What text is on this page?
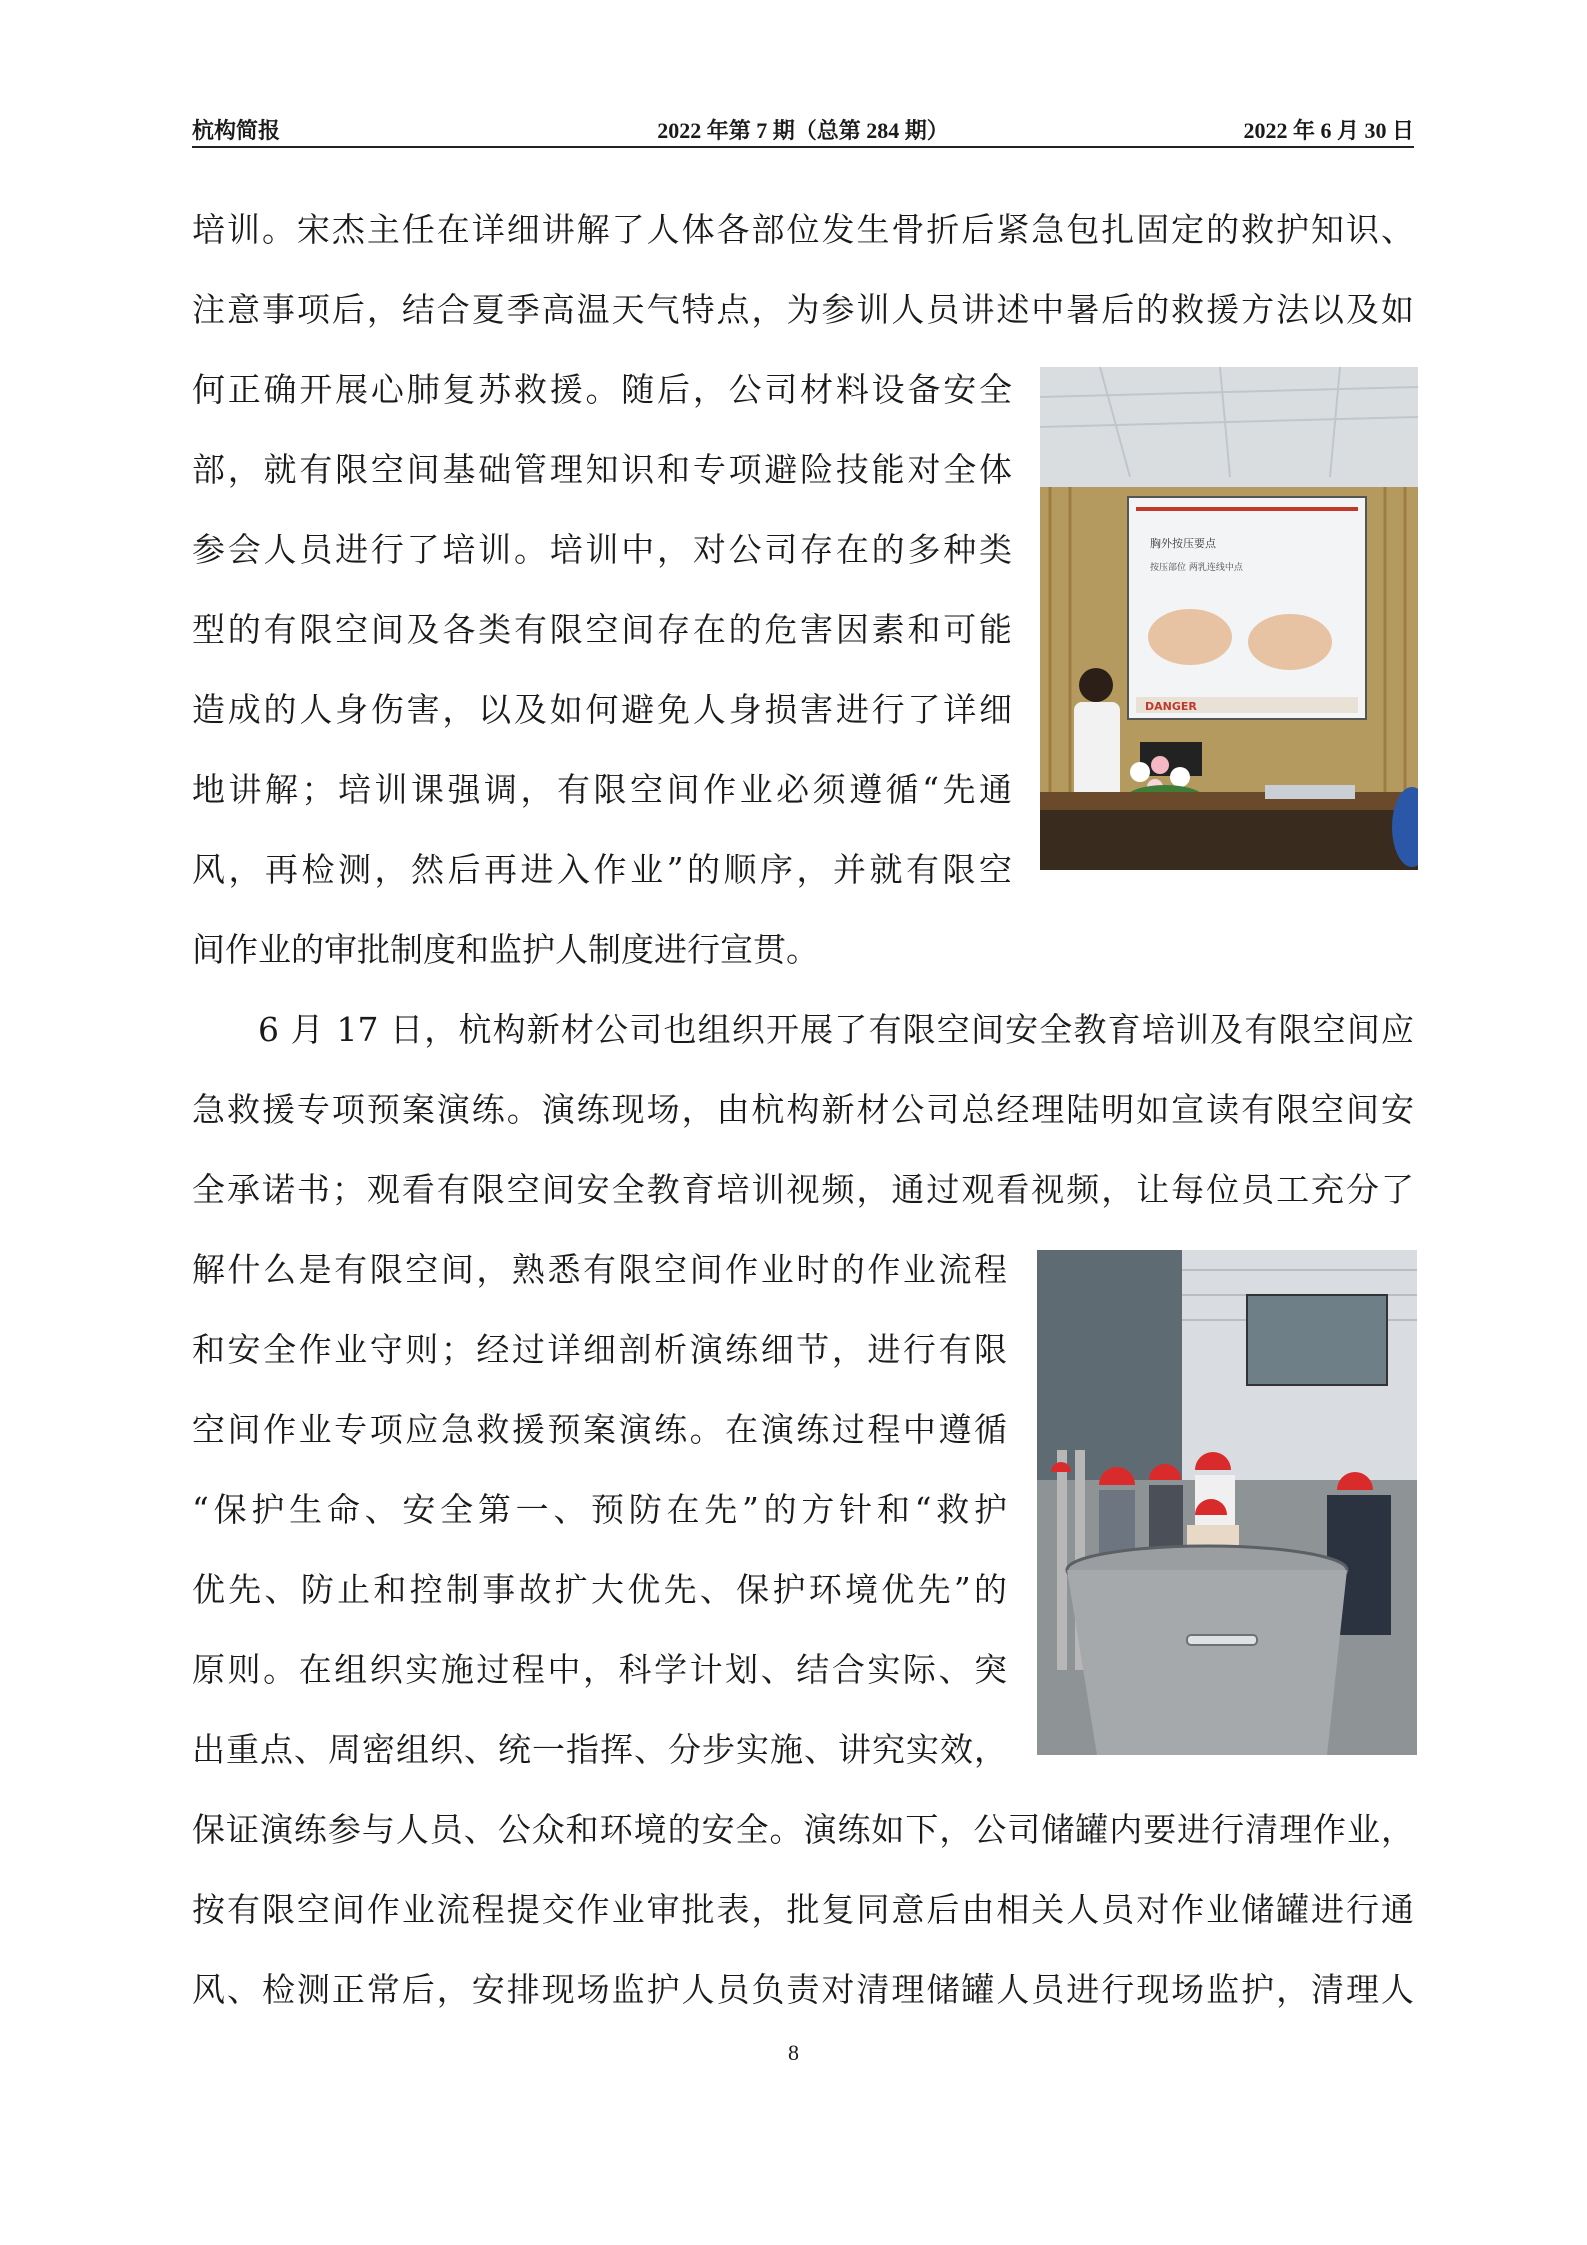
杭构简报	2022 年第 7 期（总第 284 期）	2022 年 6 月 30 日
培训。宋杰主任在详细讲解了人体各部位发生骨折后紧急包扎固定的救护知识、
注意事项后，结合夏季高温天气特点，为参训人员讲述中暑后的救援方法以及如
何正确开展心肺复苏救援。随后，公司材料设备安全
部，就有限空间基础管理知识和专项避险技能对全体
参会人员进行了培训。培训中，对公司存在的多种类
型的有限空间及各类有限空间存在的危害因素和可能
造成的人身伤害，以及如何避免人身损害进行了详细
地讲解；培训课强调，有限空间作业必须遵循“先通
风，再检测，然后再进入作业”的顺序，并就有限空
间作业的审批制度和监护人制度进行宣贯。
6 月 17 日，杭构新材公司也组织开展了有限空间安全教育培训及有限空间应
急救援专项预案演练。演练现场，由杭构新材公司总经理陆明如宣读有限空间安
全承诺书；观看有限空间安全教育培训视频，通过观看视频，让每位员工充分了
解什么是有限空间，熟悉有限空间作业时的作业流程
和安全作业守则；经过详细剖析演练细节，进行有限
空间作业专项应急救援预案演练。在演练过程中遵循
“保护生命、安全第一、预防在先”的方针和“救护
优先、防止和控制事故扩大优先、保护环境优先”的
原则。在组织实施过程中，科学计划、结合实际、突
出重点、周密组织、统一指挥、分步实施、讲究实效，
保证演练参与人员、公众和环境的安全。演练如下，公司储罐内要进行清理作业，
按有限空间作业流程提交作业审批表，批复同意后由相关人员对作业储罐进行通
风、检测正常后，安排现场监护人员负责对清理储罐人员进行现场监护，清理人
胸外按压要点
按压部位 两乳连线中点
DANGER
8
